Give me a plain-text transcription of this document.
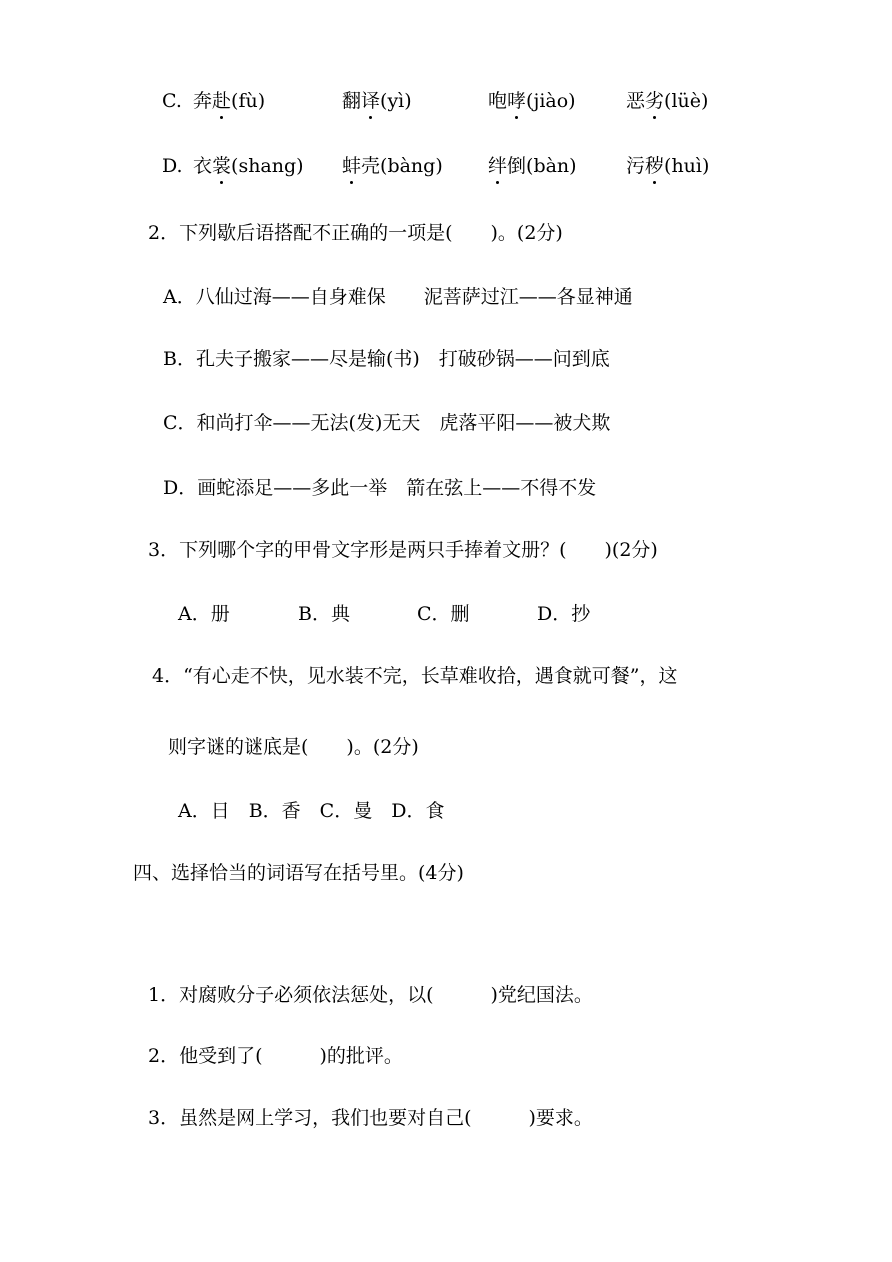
C. 奔赴(fù)	翻译(yì)	咆哮(jiào)	恶劣(lüè)
D. 衣裳(shang) 蚌壳(bàng) 绊倒(bàn)	污秽(huì)
2．下列歇后语搭配不正确的一项是(　　)。(2分)
A．八仙过海——自身难保　　泥菩萨过江——各显神通
B．孔夫子搬家——尽是输(书)　打破砂锅——问到底
C．和尚打伞——无法(发)无天　虎落平阳——被犬欺
D．画蛇添足——多此一举　箭在弦上——不得不发
3．下列哪个字的甲骨文字形是两只手捧着文册？(　　)(2分)
A．册	B．典	C．删	D．抄
4．“有心走不快，见水装不完，长草难收拾，遇食就可餐”，这
则字谜的谜底是(　　)。(2分)
A．日　B．香　C．曼　D．食
四、选择恰当的词语写在括号里。(4分)
1．对腐败分子必须依法惩处，以(　　　)党纪国法。
2．他受到了(　　　)的批评。
3．虽然是网上学习，我们也要对自己(　　　)要求。
